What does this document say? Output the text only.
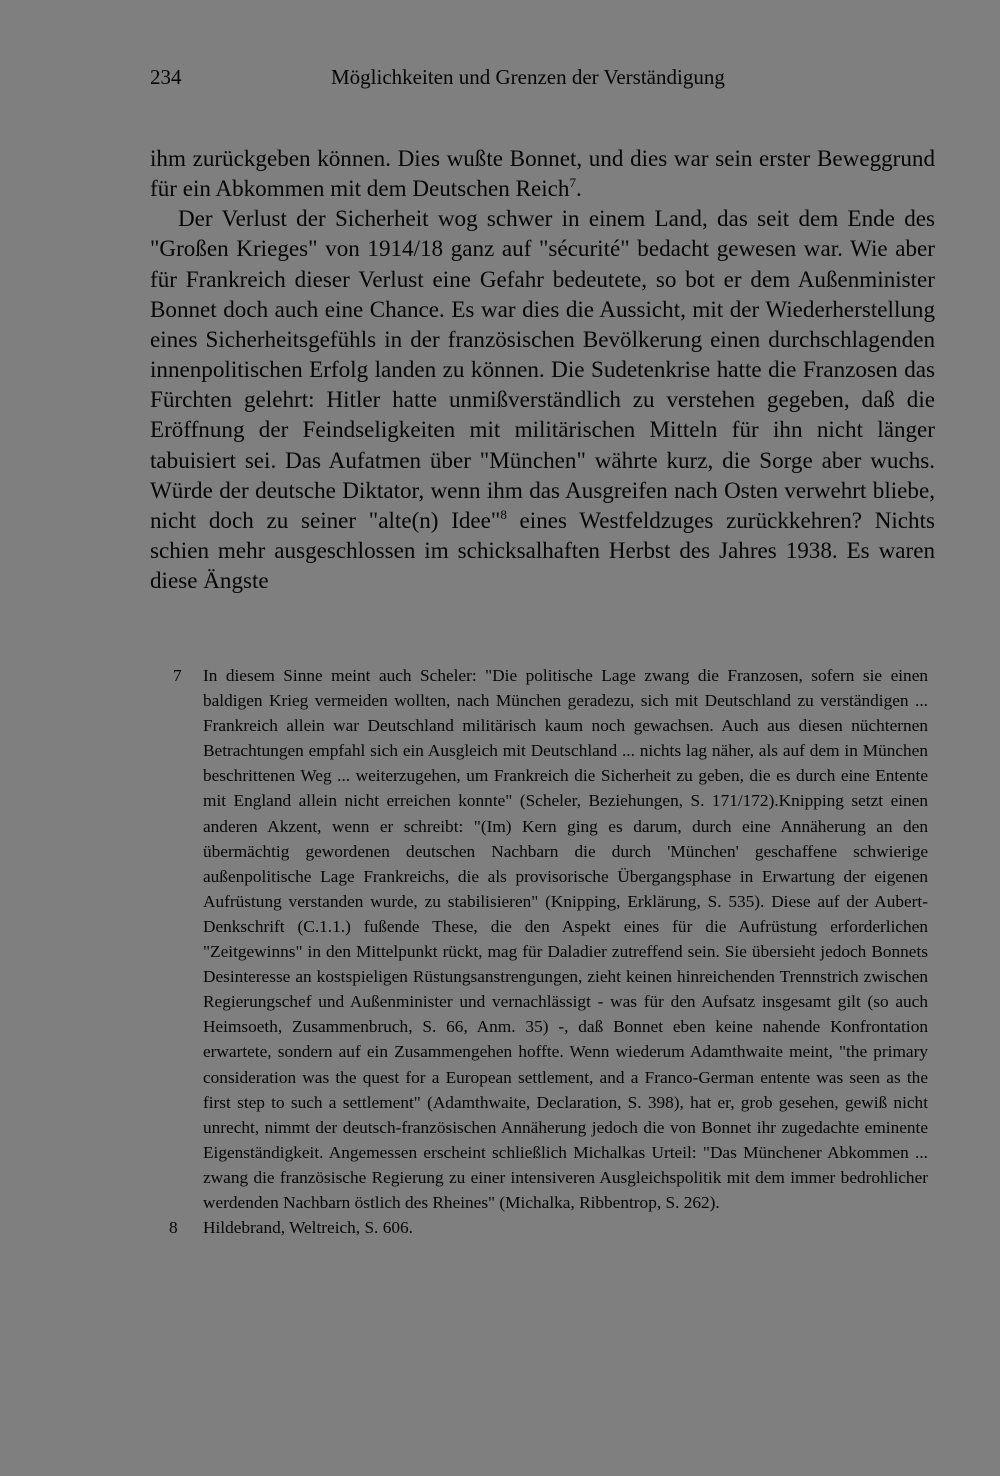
234	Möglichkeiten und Grenzen der Verständigung

ihm zurückgeben können. Dies wußte Bonnet, und dies war sein erster Beweggrund für ein Abkommen mit dem Deutschen Reich$^7$.

Der Verlust der Sicherheit wog schwer in einem Land, das seit dem Ende des "Großen Krieges" von 1914/18 ganz auf "sécurité" bedacht gewesen war. Wie aber für Frankreich dieser Verlust eine Gefahr bedeutete, so bot er dem Außenminister Bonnet doch auch eine Chance. Es war dies die Aussicht, mit der Wiederherstellung eines Sicherheitsgefühls in der französischen Bevölkerung einen durchschlagenden innenpolitischen Erfolg landen zu können. Die Sudetenkrise hatte die Franzosen das Fürchten gelehrt: Hitler hatte unmißverständlich zu verstehen gegeben, daß die Eröffnung der Feindseligkeiten mit militärischen Mitteln für ihn nicht länger tabuisiert sei. Das Aufatmen über "München" währte kurz, die Sorge aber wuchs. Würde der deutsche Diktator, wenn ihm das Ausgreifen nach Osten verwehrt bliebe, nicht doch zu seiner "alte(n) Idee"$^8$ eines Westfeldzuges zurückkehren? Nichts schien mehr ausgeschlossen im schicksalhaften Herbst des Jahres 1938. Es waren diese Ängste

7 In diesem Sinne meint auch Scheler: "Die politische Lage zwang die Franzosen, sofern sie einen baldigen Krieg vermeiden wollten, nach München geradezu, sich mit Deutschland zu verständigen ... Frankreich allein war Deutschland militärisch kaum noch gewachsen. Auch aus diesen nüchternen Betrachtungen empfahl sich ein Ausgleich mit Deutschland ... nichts lag näher, als auf dem in München beschrittenen Weg ... weiterzugehen, um Frankreich die Sicherheit zu geben, die es durch eine Entente mit England allein nicht erreichen konnte" (Scheler, Beziehungen, S. 171/172).Knipping setzt einen anderen Akzent, wenn er schreibt: "(Im) Kern ging es darum, durch eine Annäherung an den übermächtig gewordenen deutschen Nachbarn die durch 'München' geschaffene schwierige außenpolitische Lage Frankreichs, die als provisorische Übergangsphase in Erwartung der eigenen Aufrüstung verstanden wurde, zu stabilisieren" (Knipping, Erklärung, S. 535). Diese auf der Aubert-Denkschrift (C.1.1.) fußende These, die den Aspekt eines für die Aufrüstung erforderlichen "Zeitgewinns" in den Mittelpunkt rückt, mag für Daladier zutreffend sein. Sie übersieht jedoch Bonnets Desinteresse an kostspieligen Rüstungsanstrengungen, zieht keinen hinreichenden Trennstrich zwischen Regierungschef und Außenminister und vernachlässigt - was für den Aufsatz insgesamt gilt (so auch Heimsoeth, Zusammenbruch, S. 66, Anm. 35) -, daß Bonnet eben keine nahende Konfrontation erwartete, sondern auf ein Zusammengehen hoffte. Wenn wiederum Adamthwaite meint, "the primary consideration was the quest for a European settlement, and a Franco-German entente was seen as the first step to such a settlement" (Adamthwaite, Declaration, S. 398), hat er, grob gesehen, gewiß nicht unrecht, nimmt der deutsch-französischen Annäherung jedoch die von Bonnet ihr zugedachte eminente Eigenständigkeit. Angemessen erscheint schließlich Michalkas Urteil: "Das Münchener Abkommen ... zwang die französische Regierung zu einer intensiveren Ausgleichspolitik mit dem immer bedrohlicher werdenden Nachbarn östlich des Rheines" (Michalka, Ribbentrop, S. 262).
8 Hildebrand, Weltreich, S. 606.
